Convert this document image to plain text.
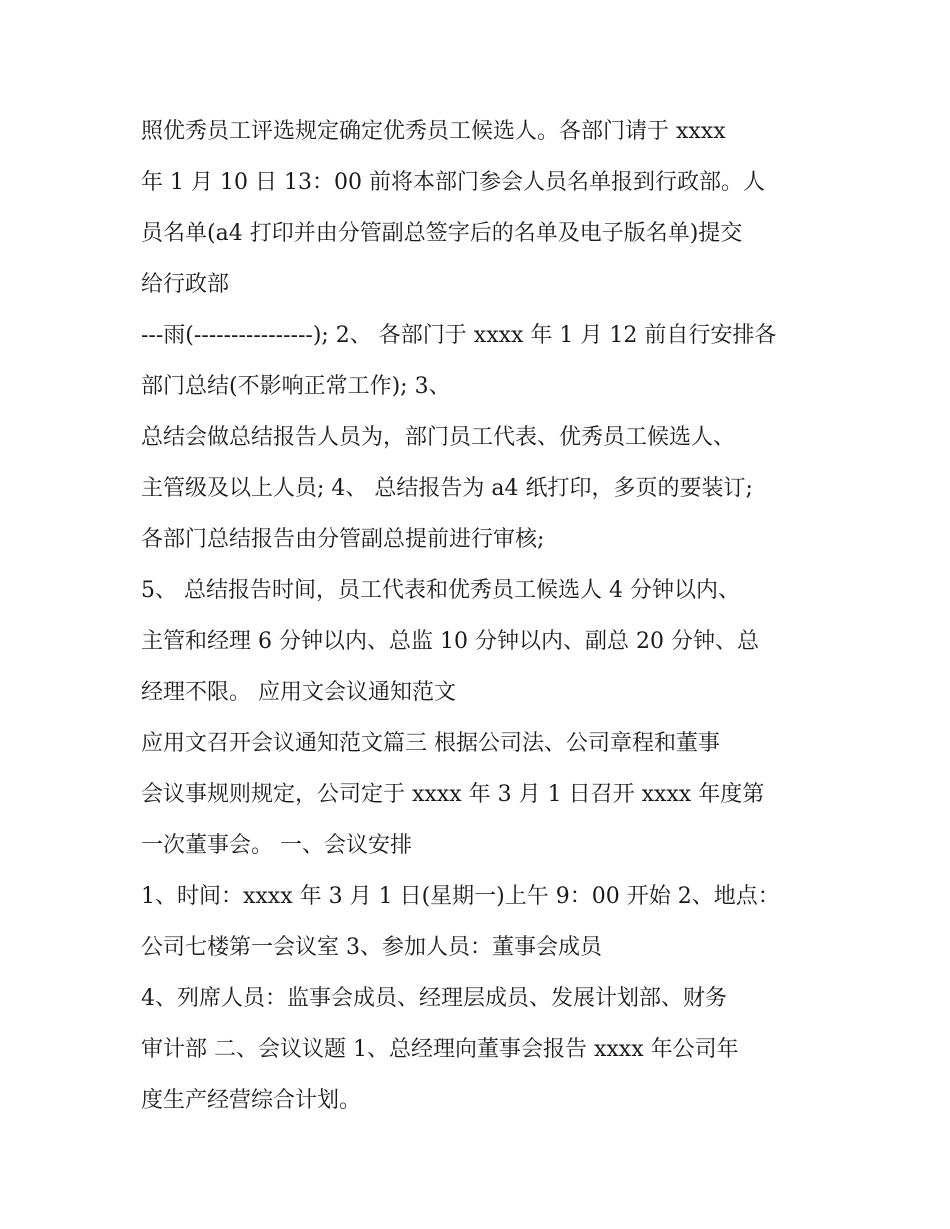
照优秀员工评选规定确定优秀员工候选人。各部门请于 xxxx
年 1 月 10 日 13：00 前将本部门参会人员名单报到行政部。人
员名单(a4 打印并由分管副总签字后的名单及电子版名单)提交
给行政部
---雨(----------------); 2、 各部门于 xxxx 年 1 月 12 前自行安排各
部门总结(不影响正常工作); 3、
总结会做总结报告人员为，部门员工代表、优秀员工候选人、
主管级及以上人员; 4、 总结报告为 a4 纸打印，多页的要装订;
各部门总结报告由分管副总提前进行审核;
5、 总结报告时间，员工代表和优秀员工候选人 4 分钟以内、
主管和经理 6 分钟以内、总监 10 分钟以内、副总 20 分钟、总
经理不限。 应用文会议通知范文
应用文召开会议通知范文篇三 根据公司法、公司章程和董事
会议事规则规定，公司定于 xxxx 年 3 月 1 日召开 xxxx 年度第
一次董事会。 一、会议安排
1、时间：xxxx 年 3 月 1 日(星期一)上午 9：00 开始 2、地点：
公司七楼第一会议室 3、参加人员：董事会成员
4、列席人员：监事会成员、经理层成员、发展计划部、财务
审计部 二、会议议题 1、总经理向董事会报告 xxxx 年公司年
度生产经营综合计划。
